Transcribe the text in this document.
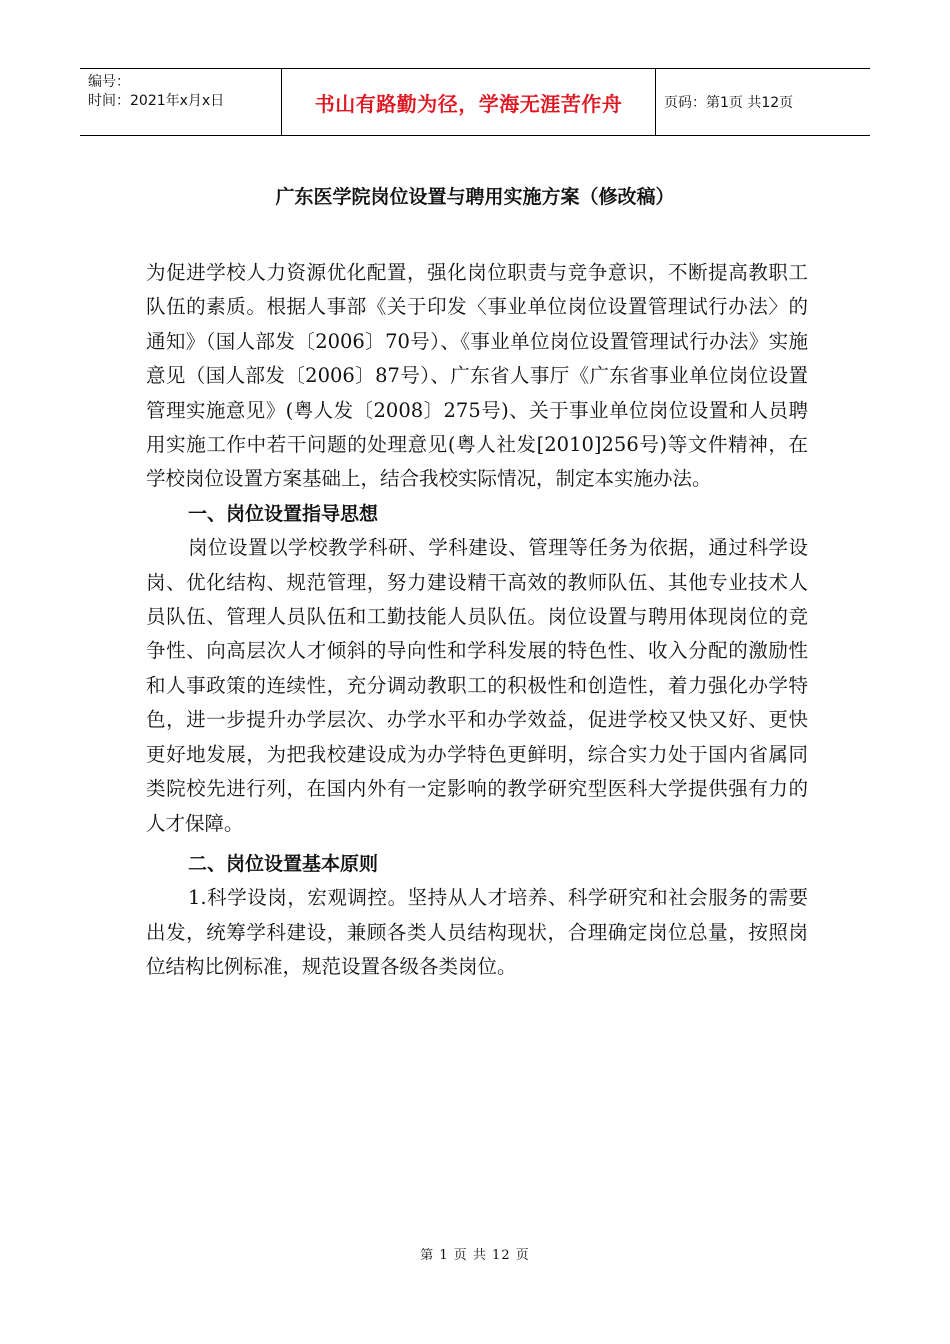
编号：
时间：2021年x月x日	书山有路勤为径，学海无涯苦作舟	页码：第1页 共12页
广东医学院岗位设置与聘用实施方案（修改稿）

为促进学校人力资源优化配置，强化岗位职责与竞争意识，不断提高教职工队伍的素质。根据人事部《关于印发〈事业单位岗位设置管理试行办法〉的通知》（国人部发〔2006〕70号）、《事业单位岗位设置管理试行办法》实施意见（国人部发〔2006〕87号）、广东省人事厅《广东省事业单位岗位设置管理实施意见》(粤人发〔2008〕275号)、关于事业单位岗位设置和人员聘用实施工作中若干问题的处理意见(粤人社发[2010]256号)等文件精神，在学校岗位设置方案基础上，结合我校实际情况，制定本实施办法。

一、岗位设置指导思想

岗位设置以学校教学科研、学科建设、管理等任务为依据，通过科学设岗、优化结构、规范管理，努力建设精干高效的教师队伍、其他专业技术人员队伍、管理人员队伍和工勤技能人员队伍。岗位设置与聘用体现岗位的竞争性、向高层次人才倾斜的导向性和学科发展的特色性、收入分配的激励性和人事政策的连续性，充分调动教职工的积极性和创造性，着力强化办学特色，进一步提升办学层次、办学水平和办学效益，促进学校又快又好、更快更好地发展，为把我校建设成为办学特色更鲜明，综合实力处于国内省属同类院校先进行列，在国内外有一定影响的教学研究型医科大学提供强有力的人才保障。

二、岗位设置基本原则

1.科学设岗，宏观调控。坚持从人才培养、科学研究和社会服务的需要出发，统筹学科建设，兼顾各类人员结构现状，合理确定岗位总量，按照岗位结构比例标准，规范设置各级各类岗位。

第 1 页 共 12 页
